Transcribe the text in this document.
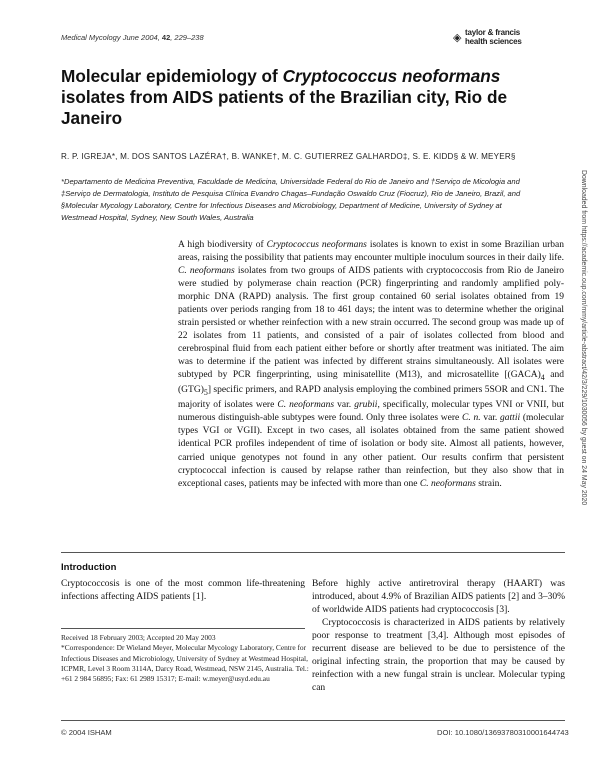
Medical Mycology June 2004, 42, 229–238	◈ taylor & francis
health sciences
Molecular epidemiology of Cryptococcus neoformans isolates from AIDS patients of the Brazilian city, Rio de Janeiro
R. P. IGREJA*, M. DOS SANTOS LAZÉRA†, B. WANKE†, M. C. GUTIERREZ GALHARDO‡, S. E. KIDD§ & W. MEYER§
*Departamento de Medicina Preventiva, Faculdade de Medicina, Universidade Federal do Rio de Janeiro and †Serviço de Micologia and ‡Serviço de Dermatologia, Instituto de Pesquisa Clínica Evandro Chagas–Fundação Oswaldo Cruz (Fiocruz), Rio de Janeiro, Brazil, and §Molecular Mycology Laboratory, Centre for Infectious Diseases and Microbiology, Department of Medicine, University of Sydney at Westmead Hospital, Sydney, New South Wales, Australia
A high biodiversity of Cryptococcus neoformans isolates is known to exist in some Brazilian urban areas, raising the possibility that patients may encounter multiple inoculum sources in their daily life. C. neoformans isolates from two groups of AIDS patients with cryptococcosis from Rio de Janeiro were studied by polymerase chain reaction (PCR) fingerprinting and randomly amplified poly-morphic DNA (RAPD) analysis. The first group contained 60 serial isolates obtained from 19 patients over periods ranging from 18 to 461 days; the intent was to determine whether the original strain persisted or whether reinfection with a new strain occurred. The second group was made up of 22 isolates from 11 patients, and consisted of a pair of isolates collected from blood and cerebrospinal fluid from each patient either before or shortly after treatment was initiated. The aim was to determine if the patient was infected by different strains simultaneously. All isolates were subtyped by PCR fingerprinting, using minisatellite (M13), and microsatellite [$(GACA)_4$ and $(GTG)_5$] specific primers, and RAPD analysis employing the combined primers 5SOR and CN1. The majority of isolates were C. neoformans var. grubii, specifically, molecular types VNI or VNII, but numerous distinguish-able subtypes were found. Only three isolates were C. n. var. gattii (molecular types VGI or VGII). Except in two cases, all isolates obtained from the same patient showed identical PCR profiles independent of time of isolation or body site. Almost all patients, however, carried unique genotypes not found in any other patient. Our results confirm that persistent cryptococcal infection is caused by relapse rather than reinfection, but they also show that in exceptional cases, patients may be infected with more than one C. neoformans strain.	Downloaded from https://academic.oup.com/mmy/article-abstract/42/3/229/1030056 by guest on 24 May 2020
Introduction
Cryptococcosis is one of the most common life-threatening infections affecting AIDS patients [1].

Before highly active antiretroviral therapy (HAART) was introduced, about 4.9% of Brazilian AIDS patients [2] and 3–30% of worldwide AIDS patients had cryptococcosis [3].

Cryptococcosis is characterized in AIDS patients by relatively poor response to treatment [3,4]. Although most episodes of recurrent disease are believed to be due to persistence of the original infecting strain, the proportion that may be caused by reinfection with a new fungal strain is unclear. Molecular typing can

Received 18 February 2003; Accepted 20 May 2003

*Correspondence: Dr Wieland Meyer, Molecular Mycology Laboratory, Centre for Infectious Diseases and Microbiology, University of Sydney at Westmead Hospital, ICPMR, Level 3 Room 3114A, Darcy Road, Westmead, NSW 2145, Australia. Tel.: +61 2 984 56895; Fax: 61 2989 15317; E-mail: w.meyer@usyd.edu.au

© 2004 ISHAM	DOI: 10.1080/13693780310001644743
